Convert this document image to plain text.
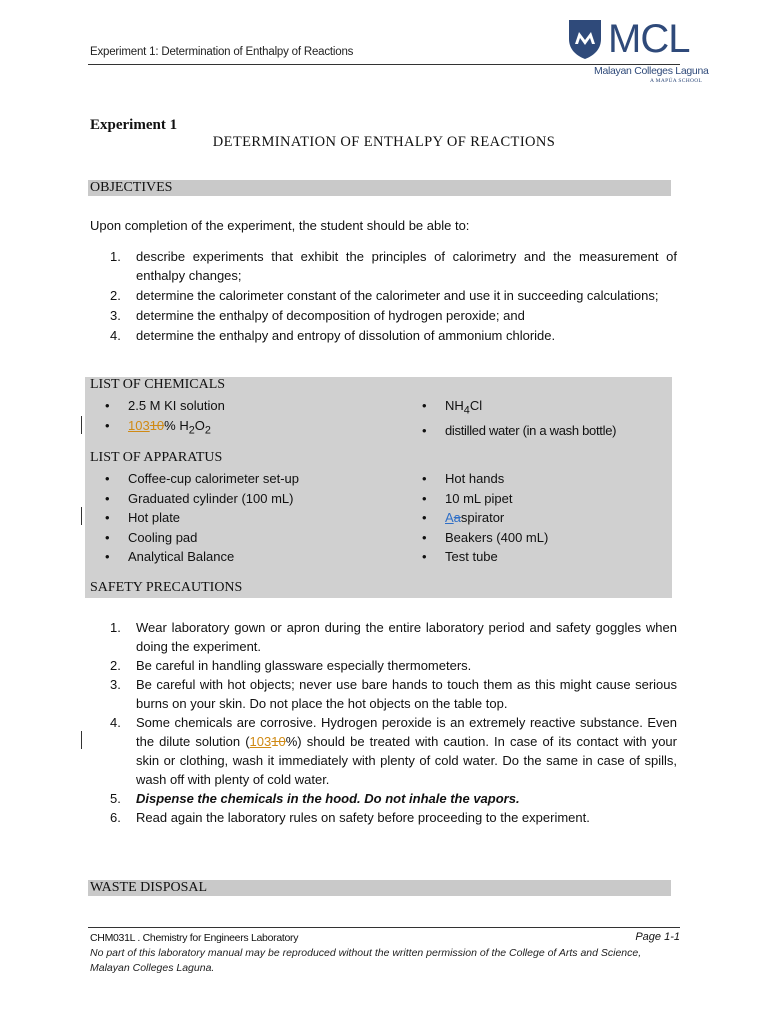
Experiment 1: Determination of Enthalpy of Reactions	MCL
Malayan Colleges Laguna
A MAPÚA SCHOOL
Experiment 1
DETERMINATION OF ENTHALPY OF REACTIONS
OBJECTIVES
Upon completion of the experiment, the student should be able to:
1. describe experiments that exhibit the principles of calorimetry and the measurement of enthalpy changes;
2. determine the calorimeter constant of the calorimeter and use it in succeeding calculations;
3. determine the enthalpy of decomposition of hydrogen peroxide; and
4. determine the enthalpy and entropy of dissolution of ammonium chloride.
LIST OF CHEMICALS
• 2.5 M KI solution
• 10310% $H_2O_2$
• $NH_4Cl$
• distilled water (in a wash bottle)
LIST OF APPARATUS
• Coffee-cup calorimeter set-up
• Graduated cylinder (100 mL)
• Hot plate
• Cooling pad
• Analytical Balance
• Hot hands
• 10 mL pipet
• Aaspirator
• Beakers (400 mL)
• Test tube
SAFETY PRECAUTIONS
1. Wear laboratory gown or apron during the entire laboratory period and safety goggles when doing the experiment.
2. Be careful in handling glassware especially thermometers.
3. Be careful with hot objects; never use bare hands to touch them as this might cause serious burns on your skin. Do not place the hot objects on the table top.
4. Some chemicals are corrosive. Hydrogen peroxide is an extremely reactive substance. Even the dilute solution (10310%) should be treated with caution. In case of its contact with your skin or clothing, wash it immediately with plenty of cold water. Do the same in case of spills, wash off with plenty of cold water.
5. Dispense the chemicals in the hood. Do not inhale the vapors.
6. Read again the laboratory rules on safety before proceeding to the experiment.
WASTE DISPOSAL
CHM031L . Chemistry for Engineers Laboratory	Page 1-1
No part of this laboratory manual may be reproduced without the written permission of the College of Arts and Science, Malayan Colleges Laguna.
